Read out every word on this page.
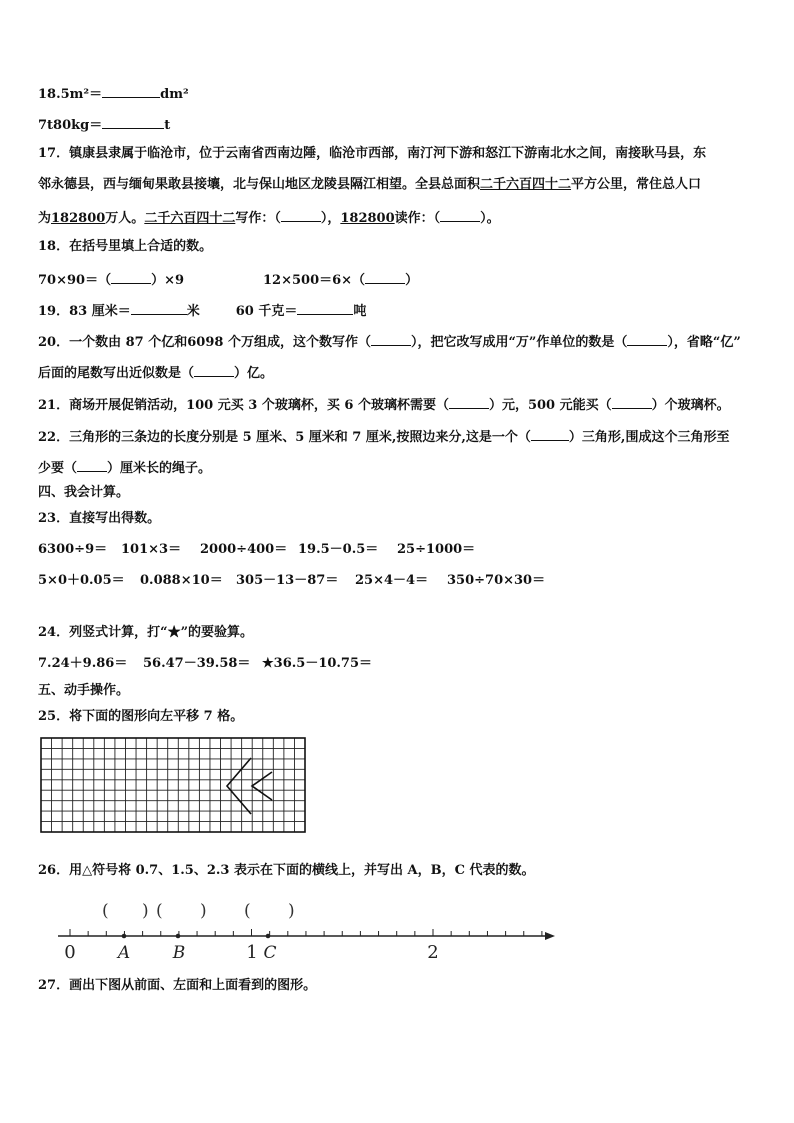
18.5m²＝	dm²
7t80kg＝	t
17．镇康县隶属于临沧市，位于云南省西南边陲，临沧市西部，南汀河下游和怒江下游南北水之间，南接耿马县，东
邻永德县，西与缅甸果敢县接壤，北与保山地区龙陵县隔江相望。全县总面积二千六百四十二平方公里，常住总人口
为182800万人。二千六百四十二写作：（	），182800读作：（	）。
18．在括号里填上合适的数。
70×90＝（	）×9	12×500＝6×（	）
19．83 厘米＝	米	60 千克＝	吨
20．一个数由 87 个亿和6098 个万组成，这个数写作（	），把它改写成用“万”作单位的数是（	），省略“亿”
后面的尾数写出近似数是（	）亿。
21．商场开展促销活动，100 元买 3 个玻璃杯，买 6 个玻璃杯需要（	）元，500 元能买（	）个玻璃杯。
22．三角形的三条边的长度分别是 5 厘米、5 厘米和 7 厘米,按照边来分,这是一个（	）三角形,围成这个三角形至
少要（ ）厘米长的绳子。
四、我会计算。
23．直接写出得数。
6300÷9＝ 101×3＝ 2000÷400＝ 19.5－0.5＝ 25÷1000＝
5×0＋0.05＝ 0.088×10＝ 305－13－87＝ 25×4－4＝ 350÷70×30＝
24．列竖式计算，打“★”的要验算。
7.24＋9.86＝ 56.47－39.58＝ ★36.5－10.75＝
五、动手操作。
25．将下面的图形向左平移 7 格。
26．用△符号将 0.7、1.5、2.3 表示在下面的横线上，并写出 A，B，C 代表的数。
0	1	2
A	B	C
( ) ( ) ( )
27．画出下图从前面、左面和上面看到的图形。
